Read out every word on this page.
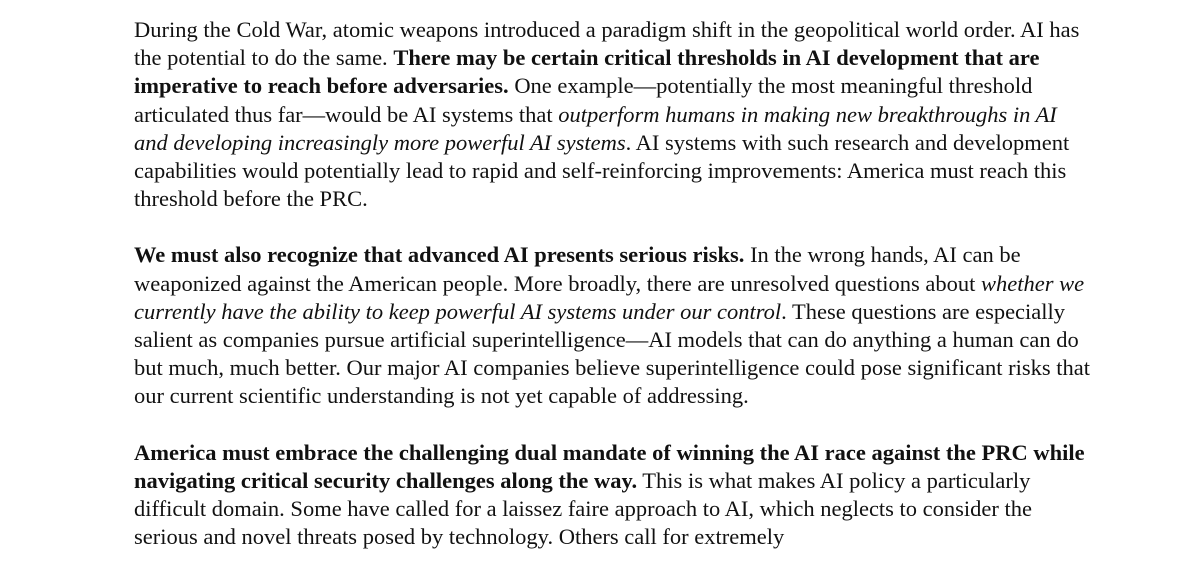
During the Cold War, atomic weapons introduced a paradigm shift in the geopolitical world order. AI has the potential to do the same. There may be certain critical thresholds in AI development that are imperative to reach before adversaries. One example—potentially the most meaningful threshold articulated thus far—would be AI systems that outperform humans in making new breakthroughs in AI and developing increasingly more powerful AI systems. AI systems with such research and development capabilities would potentially lead to rapid and self-reinforcing improvements: America must reach this threshold before the PRC.

We must also recognize that advanced AI presents serious risks. In the wrong hands, AI can be weaponized against the American people. More broadly, there are unresolved questions about whether we currently have the ability to keep powerful AI systems under our control. These questions are especially salient as companies pursue artificial superintelligence—AI models that can do anything a human can do but much, much better. Our major AI companies believe superintelligence could pose significant risks that our current scientific understanding is not yet capable of addressing.

America must embrace the challenging dual mandate of winning the AI race against the PRC while navigating critical security challenges along the way. This is what makes AI policy a particularly difficult domain. Some have called for a laissez faire approach to AI, which neglects to consider the serious and novel threats posed by technology. Others call for extremely
